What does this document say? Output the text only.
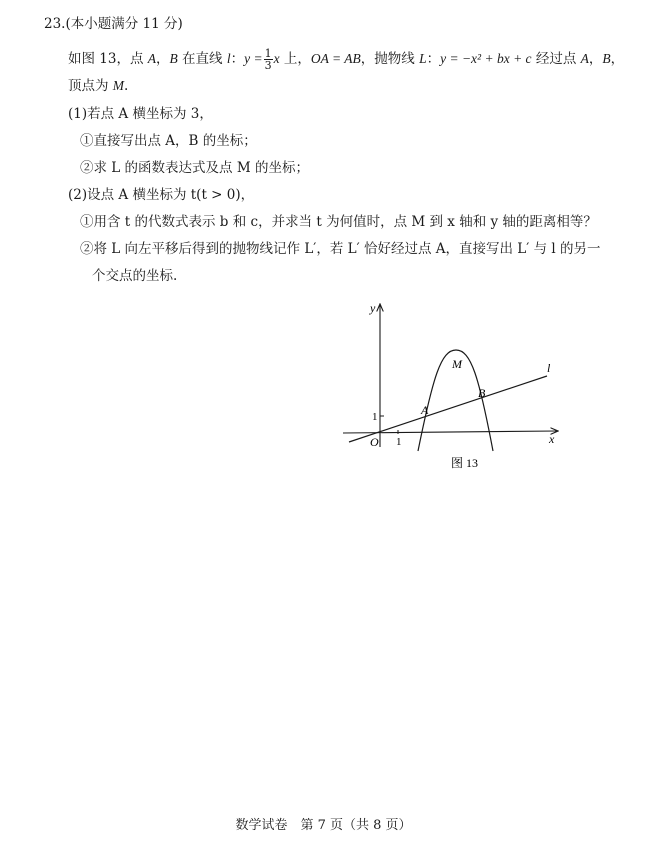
23.(本小题满分 11 分)
如图 13，点 A，B 在直线 l：$y = \frac{1}{3}$ x 上，OA = AB，抛物线 L：y = −x² + bx + c 经过点 A，B，
顶点为 M.
(1)若点 A 横坐标为 3，
①直接写出点 A，B 的坐标；
②求 L 的函数表达式及点 M 的坐标；
(2)设点 A 横坐标为 t(t > 0)，
①用含 t 的代数式表示 b 和 c，并求当 t 为何值时，点 M 到 x 轴和 y 轴的距离相等？
②将 L 向左平移后得到的抛物线记作 L′，若 L′ 恰好经过点 A，直接写出 L′ 与 l 的另一
个交点的坐标.
y
x
O 1
1	A
B
M	l
图 13
数学试卷　第 7 页（共 8 页）
